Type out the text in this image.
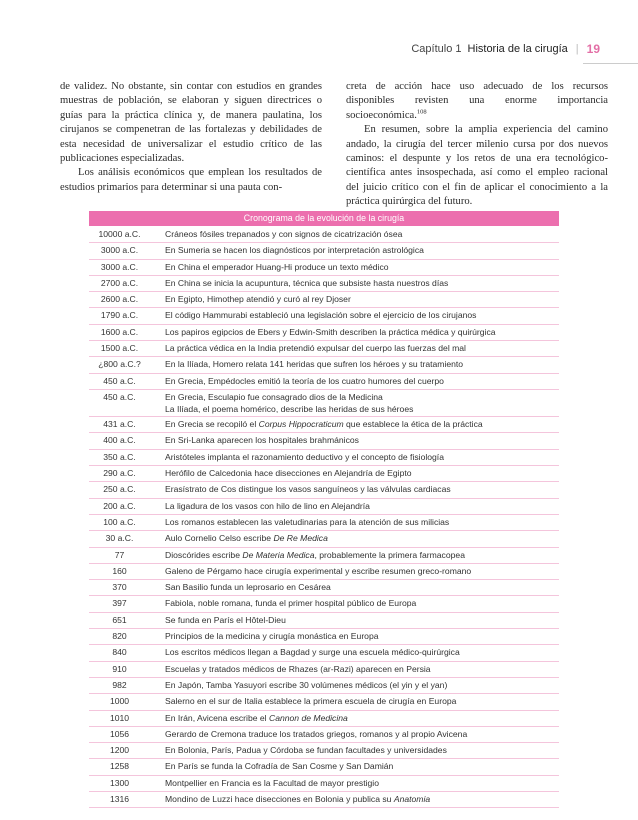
Capítulo 1 Historia de la cirugía | 19

de validez. No obstante, sin contar con estudios en grandes muestras de población, se elaboran y siguen directrices o guías para la práctica clínica y, de manera paulatina, los cirujanos se compenetran de las fortalezas y debilidades de esta necesidad de universalizar el estudio crítico de las publicaciones especializadas.

Los análisis económicos que emplean los resultados de estudios primarios para determinar si una pauta con-

creta de acción hace uso adecuado de los recursos disponibles revisten una enorme importancia socioeconómica.$^{108}$

En resumen, sobre la amplia experiencia del camino andado, la cirugía del tercer milenio cursa por dos nuevos caminos: el despunte y los retos de una era tecnológico-científica antes insospechada, así como el empleo racional del juicio crítico con el fin de aplicar el conocimiento a la práctica quirúrgica del futuro.

Cronograma de la evolución de la cirugía
10000 a.C.	Cráneos fósiles trepanados y con signos de cicatrización ósea
3000 a.C.	En Sumeria se hacen los diagnósticos por interpretación astrológica
3000 a.C.	En China el emperador Huang-Hi produce un texto médico
2700 a.C.	En China se inicia la acupuntura, técnica que subsiste hasta nuestros días
2600 a.C.	En Egipto, Himothep atendió y curó al rey Djoser
1790 a.C.	El código Hammurabi estableció una legislación sobre el ejercicio de los cirujanos
1600 a.C.	Los papiros egipcios de Ebers y Edwin-Smith describen la práctica médica y quirúrgica
1500 a.C.	La práctica védica en la India pretendió expulsar del cuerpo las fuerzas del mal
¿800 a.C.?	En la Ilíada, Homero relata 141 heridas que sufren los héroes y su tratamiento
450 a.C.	En Grecia, Empédocles emitió la teoría de los cuatro humores del cuerpo
450 a.C.	En Grecia, Esculapio fue consagrado dios de la Medicina
La Ilíada, el poema homérico, describe las heridas de sus héroes
431 a.C.	En Grecia se recopiló el Corpus Hippocraticum que establece la ética de la práctica
400 a.C.	En Sri-Lanka aparecen los hospitales brahmánicos
350 a.C.	Aristóteles implanta el razonamiento deductivo y el concepto de fisiología
290 a.C.	Herófilo de Calcedonia hace disecciones en Alejandría de Egipto
250 a.C.	Erasístrato de Cos distingue los vasos sanguíneos y las válvulas cardiacas
200 a.C.	La ligadura de los vasos con hilo de lino en Alejandría
100 a.C.	Los romanos establecen las valetudinarias para la atención de sus milicias
30 a.C.	Aulo Cornelio Celso escribe De Re Medica
77	Dioscórides escribe De Materia Medica, probablemente la primera farmacopea
160	Galeno de Pérgamo hace cirugía experimental y escribe resumen greco-romano
370	San Basilio funda un leprosario en Cesárea
397	Fabiola, noble romana, funda el primer hospital público de Europa
651	Se funda en París el Hôtel-Dieu
820	Principios de la medicina y cirugía monástica en Europa
840	Los escritos médicos llegan a Bagdad y surge una escuela médico-quirúrgica
910	Escuelas y tratados médicos de Rhazes (ar-Razi) aparecen en Persia
982	En Japón, Tamba Yasuyori escribe 30 volúmenes médicos (el yin y el yan)
1000	Salerno en el sur de Italia establece la primera escuela de cirugía en Europa
1010	En Irán, Avicena escribe el Cannon de Medicina
1056	Gerardo de Cremona traduce los tratados griegos, romanos y al propio Avicena
1200	En Bolonia, París, Padua y Córdoba se fundan facultades y universidades
1258	En París se funda la Cofradía de San Cosme y San Damián
1300	Montpellier en Francia es la Facultad de mayor prestigio
1316	Mondino de Luzzi hace disecciones en Bolonia y publica su Anatomia
